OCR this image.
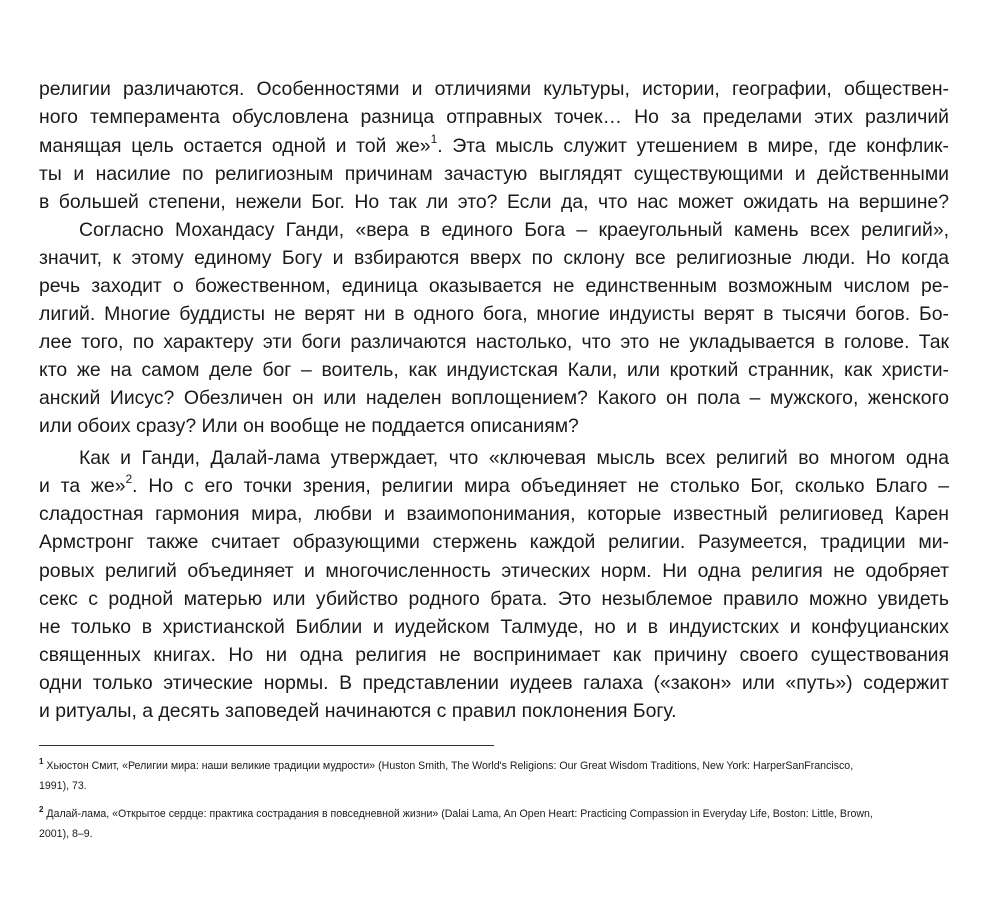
религии различаются. Особенностями и отличиями культуры, истории, географии, обществен-

ного темперамента обусловлена разница отправных точек… Но за пределами этих различий

манящая цель остается одной и той же»$^1$. Эта мысль служит утешением в мире, где конфлик-

ты и насилие по религиозным причинам зачастую выглядят существующими и действенными

в большей степени, нежели Бог. Но так ли это? Если да, что нас может ожидать на вершине?

Согласно Мохандасу Ганди, «вера в единого Бога – краеугольный камень всех религий»,

значит, к этому единому Богу и взбираются вверх по склону все религиозные люди. Но когда

речь заходит о божественном, единица оказывается не единственным возможным числом ре-

лигий. Многие буддисты не верят ни в одного бога, многие индуисты верят в тысячи богов. Бо-

лее того, по характеру эти боги различаются настолько, что это не укладывается в голове. Так

кто же на самом деле бог – воитель, как индуистская Кали, или кроткий странник, как христи-

анский Иисус? Обезличен он или наделен воплощением? Какого он пола – мужского, женского

или обоих сразу? Или он вообще не поддается описаниям?

Как и Ганди, Далай-лама утверждает, что «ключевая мысль всех религий во многом одна

и та же»$^2$. Но с его точки зрения, религии мира объединяет не столько Бог, сколько Благо –

сладостная гармония мира, любви и взаимопонимания, которые известный религиовед Карен

Армстронг также считает образующими стержень каждой религии. Разумеется, традиции ми-

ровых религий объединяет и многочисленность этических норм. Ни одна религия не одобряет

секс с родной матерью или убийство родного брата. Это незыблемое правило можно увидеть

не только в христианской Библии и иудейском Талмуде, но и в индуистских и конфуцианских

священных книгах. Но ни одна религия не воспринимает как причину своего существования

одни только этические нормы. В представлении иудеев галаха («закон» или «путь») содержит

и ритуалы, а десять заповедей начинаются с правил поклонения Богу.

$^1$ Хьюстон Смит, «Религии мира: наши великие традиции мудрости» (Huston Smith, The World's Religions: Our Great Wisdom Traditions, New York: HarperSanFrancisco,

1991), 73.

$^2$ Далай-лама, «Открытое сердце: практика сострадания в повседневной жизни» (Dalai Lama, An Open Heart: Practicing Compassion in Everyday Life, Boston: Little, Brown,

2001), 8–9.
